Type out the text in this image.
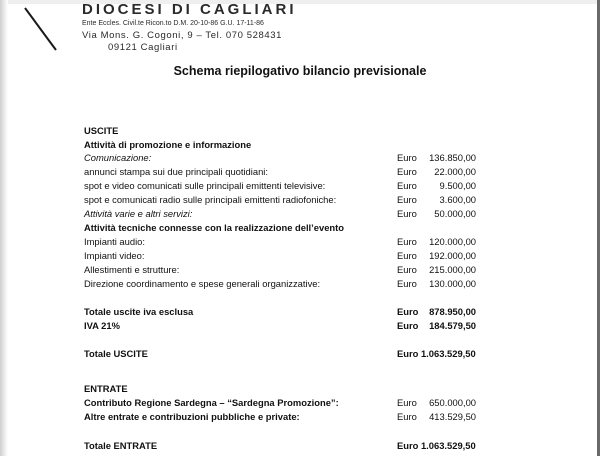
DIOCESI DI CAGLIARI
Ente Eccles. Civil.te Ricon.to D.M. 20-10-86 G.U. 17-11-86
Via Mons. G. Cogoni, 9 – Tel. 070 528431
09121 Cagliari
Schema riepilogativo bilancio previsionale
USCITE
Attività di promozione e informazione
Comunicazione:	Euro 136.850,00
annunci stampa sui due principali quotidiani:	Euro 22.000,00
spot e video comunicati sulle principali emittenti televisive:	Euro 9.500,00
spot e comunicati radio sulle principali emittenti radiofoniche:	Euro 3.600,00
Attività varie e altri servizi:	Euro 50.000,00
Attività tecniche connesse con la realizzazione dell’evento
Impianti audio:	Euro 120.000,00
Impianti video:	Euro 192.000,00
Allestimenti e strutture:	Euro 215.000,00
Direzione coordinamento e spese generali organizzative:	Euro 130.000,00
Totale uscite iva esclusa	Euro 878.950,00
IVA 21%	Euro 184.579,50
Totale USCITE	Euro 1.063.529,50
ENTRATE
Contributo Regione Sardegna – “Sardegna Promozione”:	Euro 650.000,00
Altre entrate e contribuzioni pubbliche e private:	Euro 413.529,50
Totale ENTRATE	Euro 1.063.529,50
